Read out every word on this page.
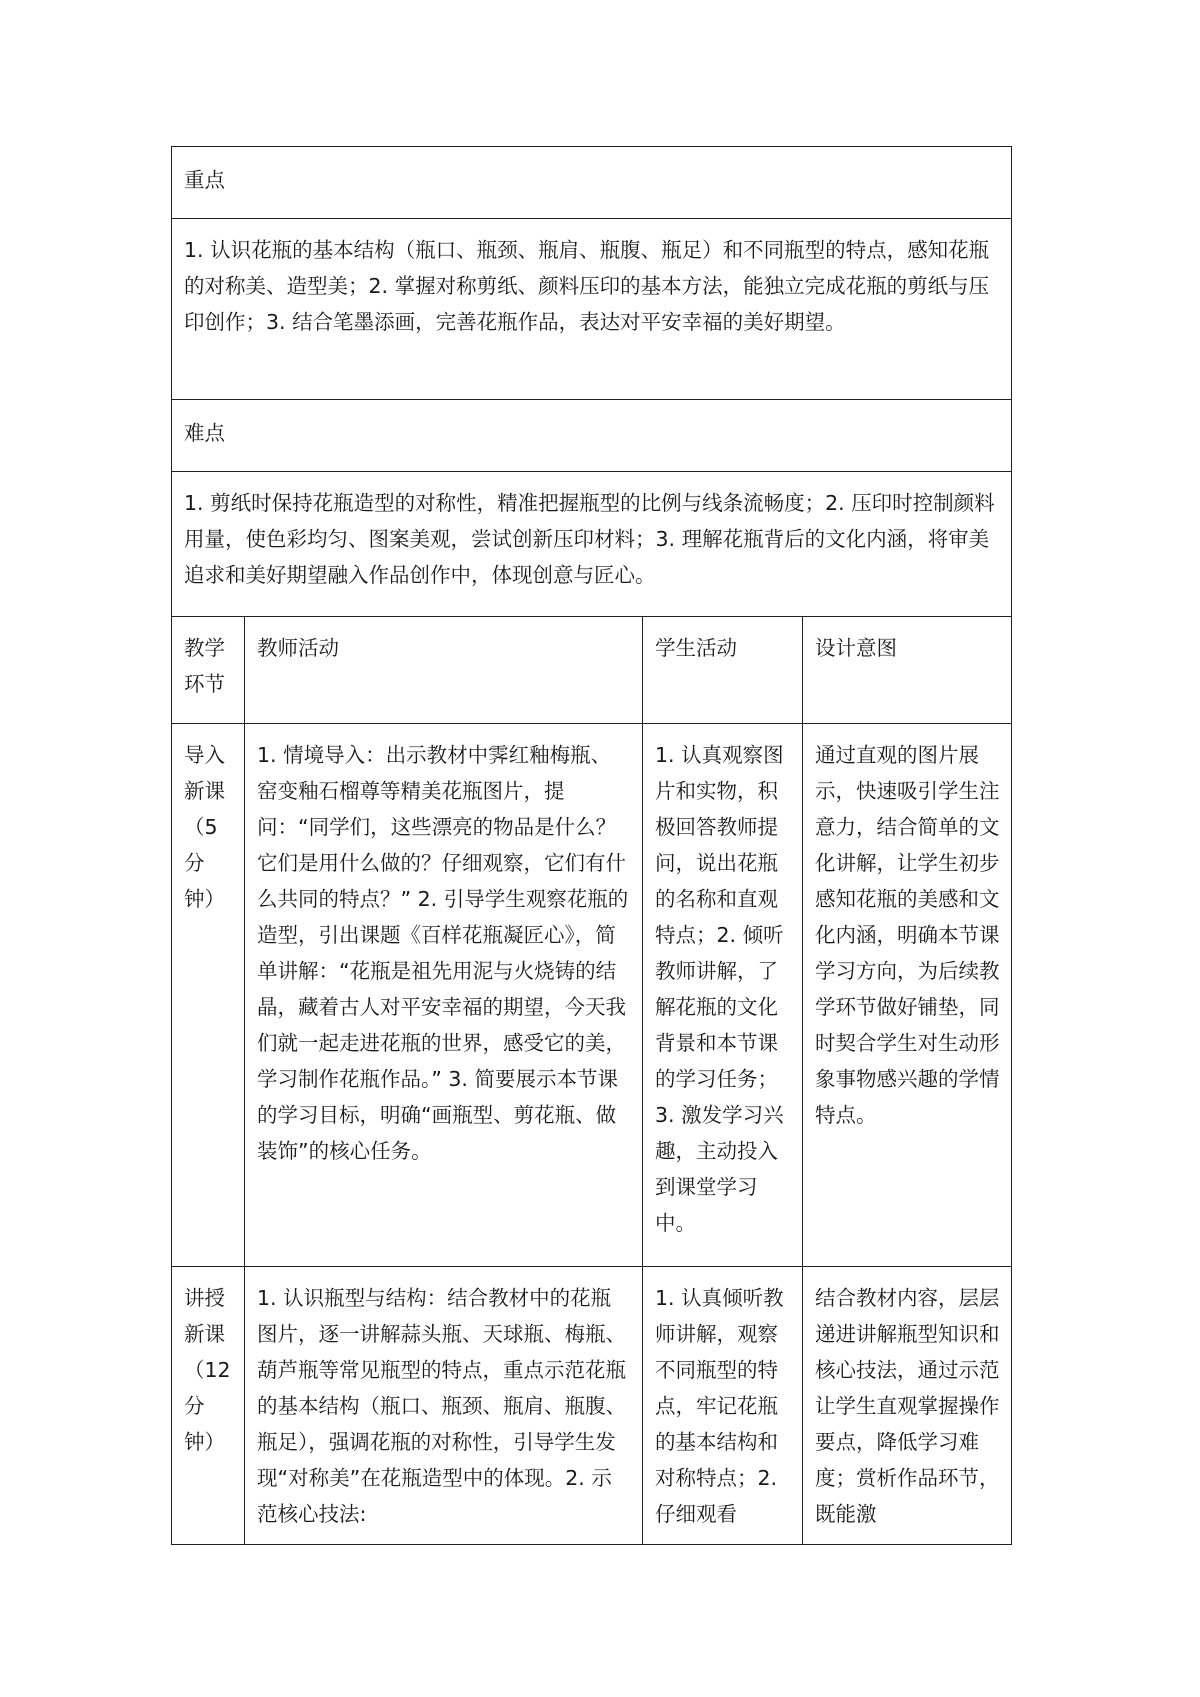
重点			
1. 认识花瓶的基本结构（瓶口、瓶颈、瓶肩、瓶腹、瓶足）和不同瓶型的特点，感知花瓶的对称美、造型美；2. 掌握对称剪纸、颜料压印的基本方法，能独立完成花瓶的剪纸与压印创作；3. 结合笔墨添画，完善花瓶作品，表达对平安幸福的美好期望。			
难点			
1. 剪纸时保持花瓶造型的对称性，精准把握瓶型的比例与线条流畅度；2. 压印时控制颜料用量，使色彩均匀、图案美观，尝试创新压印材料；3. 理解花瓶背后的文化内涵，将审美追求和美好期望融入作品创作中，体现创意与匠心。			
教学环节	教师活动	学生活动	设计意图
导入新课（5分钟）	1. 情境导入：出示教材中霁红釉梅瓶、窑变釉石榴尊等精美花瓶图片，提问：“同学们，这些漂亮的物品是什么？它们是用什么做的？仔细观察，它们有什么共同的特点？” 2. 引导学生观察花瓶的造型，引出课题《百样花瓶凝匠心》，简单讲解：“花瓶是祖先用泥与火烧铸的结晶，藏着古人对平安幸福的期望，今天我们就一起走进花瓶的世界，感受它的美，学习制作花瓶作品。” 3. 简要展示本节课的学习目标，明确“画瓶型、剪花瓶、做装饰”的核心任务。	1. 认真观察图片和实物，积极回答教师提问，说出花瓶的名称和直观特点；2. 倾听教师讲解，了解花瓶的文化背景和本节课的学习任务；3. 激发学习兴趣，主动投入到课堂学习中。	通过直观的图片展示，快速吸引学生注意力，结合简单的文化讲解，让学生初步感知花瓶的美感和文化内涵，明确本节课学习方向，为后续教学环节做好铺垫，同时契合学生对生动形象事物感兴趣的学情特点。
讲授新课（12分钟）	1. 认识瓶型与结构：结合教材中的花瓶图片，逐一讲解蒜头瓶、天球瓶、梅瓶、葫芦瓶等常见瓶型的特点，重点示范花瓶的基本结构（瓶口、瓶颈、瓶肩、瓶腹、瓶足），强调花瓶的对称性，引导学生发现“对称美”在花瓶造型中的体现。2. 示范核心技法:	1. 认真倾听教师讲解，观察不同瓶型的特点，牢记花瓶的基本结构和对称特点；2. 仔细观看	结合教材内容，层层递进讲解瓶型知识和核心技法，通过示范让学生直观掌握操作要点，降低学习难度；赏析作品环节，既能激
